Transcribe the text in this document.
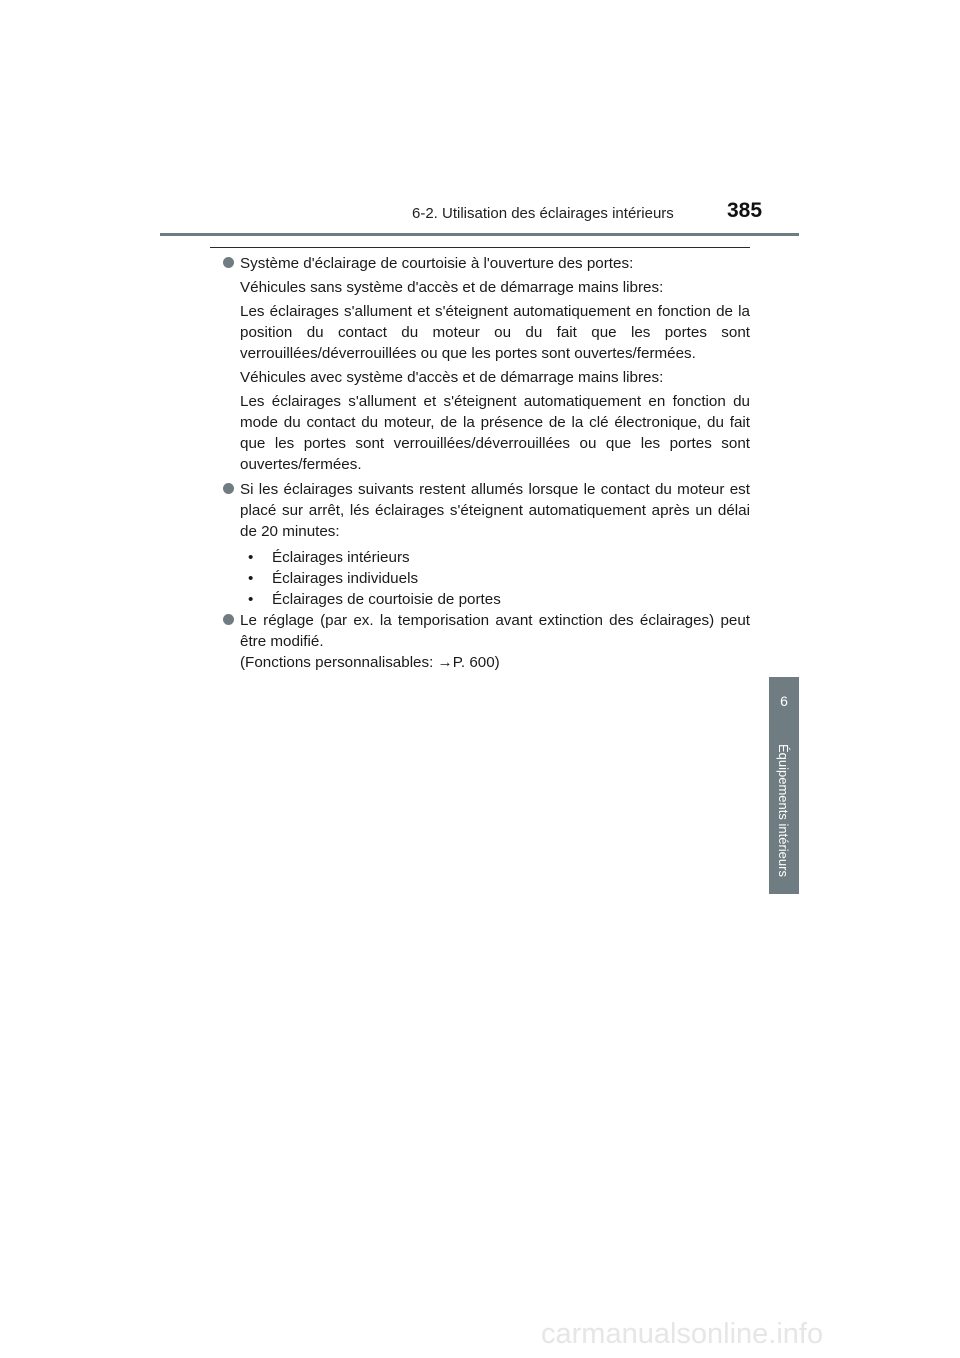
6-2. Utilisation des éclairages intérieurs	385
6
Équipements intérieurs
Système d'éclairage de courtoisie à l'ouverture des portes:
Véhicules sans système d'accès et de démarrage mains libres:
Les éclairages s'allument et s'éteignent automatiquement en fonction de la position du contact du moteur ou du fait que les portes sont verrouillées/déverrouillées ou que les portes sont ouvertes/fermées.
Véhicules avec système d'accès et de démarrage mains libres:
Les éclairages s'allument et s'éteignent automatiquement en fonction du mode du contact du moteur, de la présence de la clé électronique, du fait que les portes sont verrouillées/déverrouillées ou que les portes sont ouvertes/fermées.
Si les éclairages suivants restent allumés lorsque le contact du moteur est placé sur arrêt, lés éclairages s'éteignent automatiquement après un délai de 20 minutes:
• Éclairages intérieurs
• Éclairages individuels
• Éclairages de courtoisie de portes
Le réglage (par ex. la temporisation avant extinction des éclairages) peut être modifié.
(Fonctions personnalisables: →P. 600)
carmanualsonline.info
